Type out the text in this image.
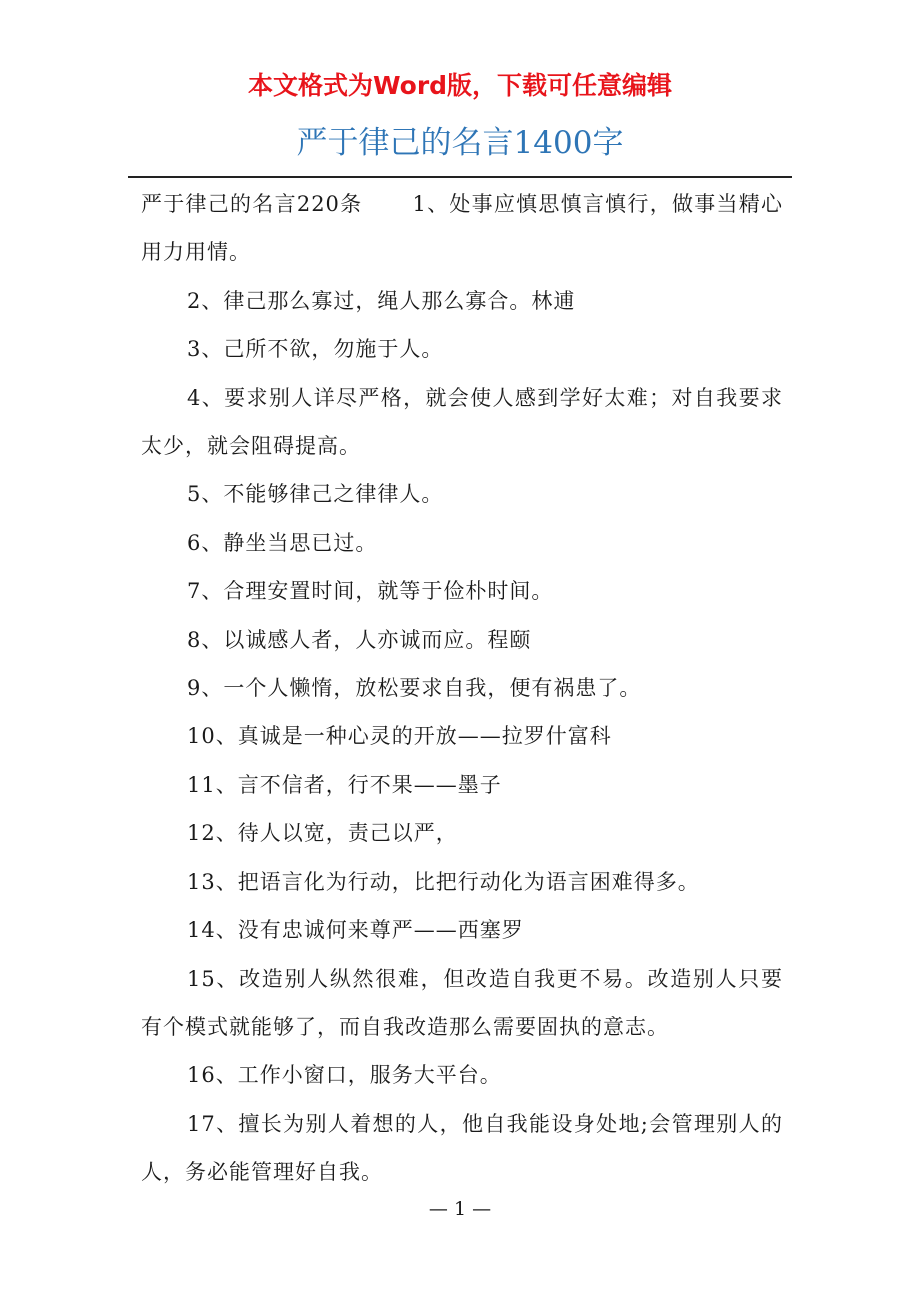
本文格式为Word版，下载可任意编辑
严于律己的名言1400字

严于律己的名言220条 1、处事应慎思慎言慎行，做事当精心用力用情。

2、律己那么寡过，绳人那么寡合。林逋

3、己所不欲，勿施于人。

4、要求别人详尽严格，就会使人感到学好太难；对自我要求太少，就会阻碍提高。

5、不能够律己之律律人。

6、静坐当思已过。

7、合理安置时间，就等于俭朴时间。

8、以诚感人者，人亦诚而应。程颐

9、一个人懒惰，放松要求自我，便有祸患了。

10、真诚是一种心灵的开放——拉罗什富科

11、言不信者，行不果——墨子

12、待人以宽，责己以严，

13、把语言化为行动，比把行动化为语言困难得多。

14、没有忠诚何来尊严——西塞罗

15、改造别人纵然很难，但改造自我更不易。改造别人只要有个模式就能够了，而自我改造那么需要固执的意志。

16、工作小窗口，服务大平台。

17、擅长为别人着想的人，他自我能设身处地;会管理别人的人，务必能管理好自我。

— 1 —
